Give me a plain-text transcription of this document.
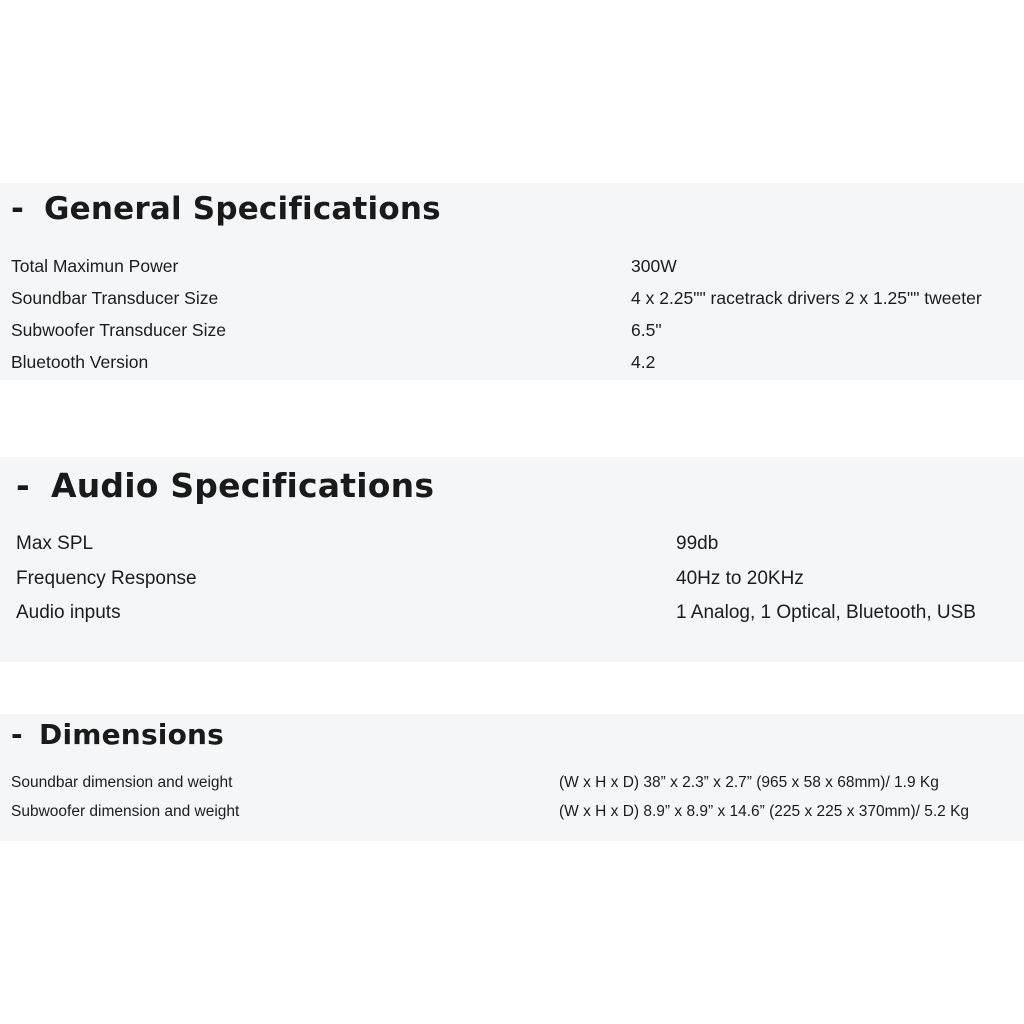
- General Specifications
Total Maximun Power	300W
Soundbar Transducer Size	4 x 2.25"" racetrack drivers 2 x 1.25"" tweeter
Subwoofer Transducer Size	6.5"
Bluetooth Version	4.2
- Audio Specifications
Max SPL	99db
Frequency Response	40Hz to 20KHz
Audio inputs	1 Analog, 1 Optical, Bluetooth, USB
- Dimensions
Soundbar dimension and weight	(W x H x D) 38” x 2.3” x 2.7” (965 x 58 x 68mm)/ 1.9 Kg
Subwoofer dimension and weight	(W x H x D) 8.9” x 8.9” x 14.6” (225 x 225 x 370mm)/ 5.2 Kg
